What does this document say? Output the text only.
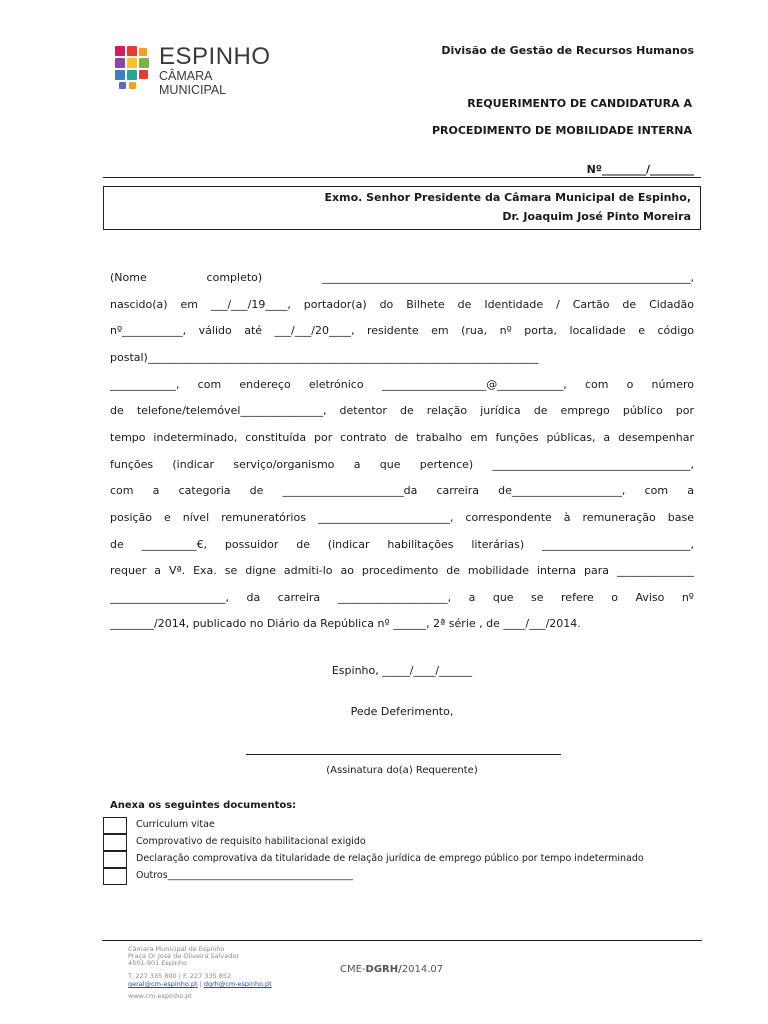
ESPINHO
CÂMARA MUNICIPAL
Divisão de Gestão de Recursos Humanos
REQUERIMENTO DE CANDIDATURA A
PROCEDIMENTO DE MOBILIDADE INTERNA
Nº________/________
Exmo. Senhor Presidente da Câmara Municipal de Espinho,
Dr. Joaquim José Pinto Moreira
(Nome completo) ___________________________________________________________________,
nascido(a) em ___/___/19____, portador(a) do Bilhete de Identidade / Cartão de Cidadão
nº___________, válido até ___/___/20____, residente em (rua, nº porta, localidade e código
postal)_______________________________________________________________________
____________, com endereço eletrónico ___________________@____________, com o número
de telefone/telemóvel_______________, detentor de relação jurídica de emprego público por
tempo indeterminado, constituída por contrato de trabalho em funções públicas, a desempenhar
funções (indicar serviço/organismo a que pertence) ____________________________________,
com a categoria de ______________________da carreira de____________________, com a
posição e nível remuneratórios ________________________, correspondente à remuneração base
de __________€, possuidor de (indicar habilitações literárias) ___________________________,
requer a Vª. Exa. se digne admiti-lo ao procedimento de mobilidade interna para ______________
_____________________, da carreira ____________________, a que se refere o Aviso nº
________/2014, publicado no Diário da República nº ______, 2ª série , de ____/___/2014.
Espinho, _____/____/______
Pede Deferimento,
(Assinatura do(a) Requerente)
Anexa os seguintes documentos:
Curriculum vitae
Comprovativo de requisito habilitacional exigido
Declaração comprovativa da titularidade de relação jurídica de emprego público por tempo indeterminado
Outros_______________________________________
Câmara Municipal de Espinho
Praça Dr José de Oliveira Salvador
4501-901 Espinho
T. 227 335 800 | F. 227 335 852
geral@cm-espinho.pt | dgrh@cm-espinho.pt
www.cm-espinho.pt
CME-DGRH/2014.07
